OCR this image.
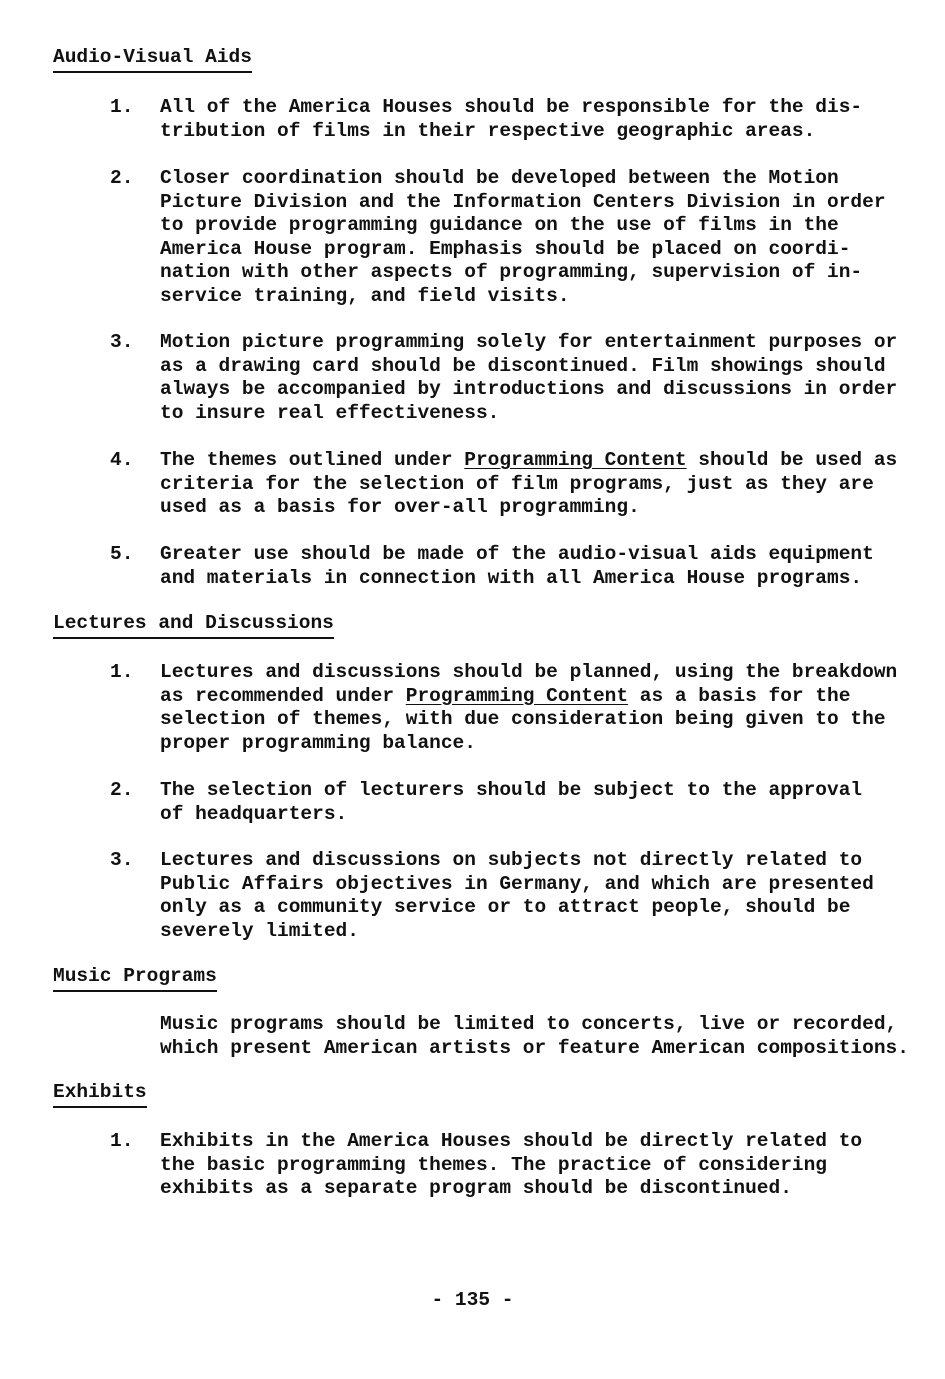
Audio-Visual Aids
1. All of the America Houses should be responsible for the dis-
tribution of films in their respective geographic areas.
2. Closer coordination should be developed between the Motion
Picture Division and the Information Centers Division in order
to provide programming guidance on the use of films in the
America House program. Emphasis should be placed on coordi-
nation with other aspects of programming, supervision of in-
service training, and field visits.
3. Motion picture programming solely for entertainment purposes or
as a drawing card should be discontinued. Film showings should
always be accompanied by introductions and discussions in order
to insure real effectiveness.
4. The themes outlined under Programming Content should be used as
criteria for the selection of film programs, just as they are
used as a basis for over-all programming.
5. Greater use should be made of the audio-visual aids equipment
and materials in connection with all America House programs.
Lectures and Discussions
1. Lectures and discussions should be planned, using the breakdown
as recommended under Programming Content as a basis for the
selection of themes, with due consideration being given to the
proper programming balance.
2. The selection of lecturers should be subject to the approval
of headquarters.
3. Lectures and discussions on subjects not directly related to
Public Affairs objectives in Germany, and which are presented
only as a community service or to attract people, should be
severely limited.
Music Programs
Music programs should be limited to concerts, live or recorded,
which present American artists or feature American compositions.
Exhibits
1. Exhibits in the America Houses should be directly related to
the basic programming themes. The practice of considering
exhibits as a separate program should be discontinued.
- 135 -
